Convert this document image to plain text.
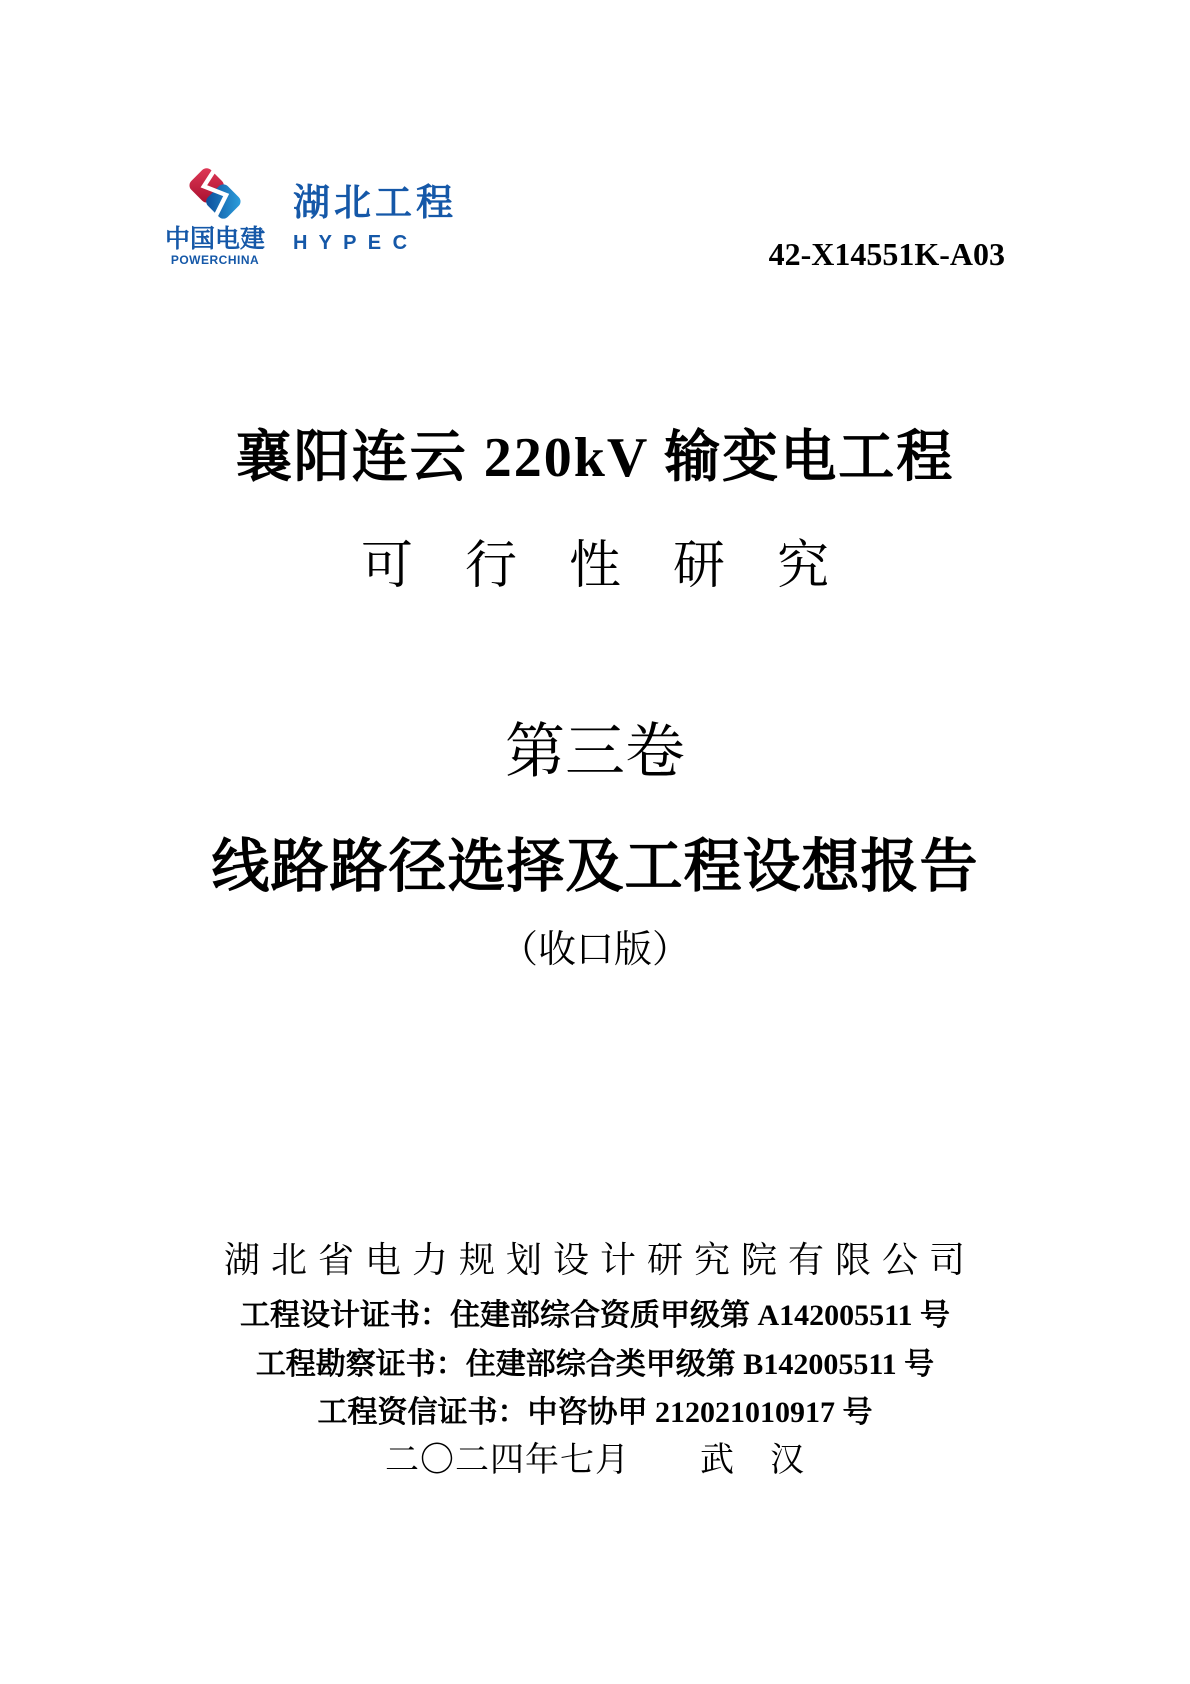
中国电建
POWERCHINA
湖北工程
H Y P E C	42-X14551K-A03
襄阳连云 220kV 输变电工程
可　行　性　研　究
第三卷
线路路径选择及工程设想报告
（收口版）
湖 北 省 电 力 规 划 设 计 研 究 院 有 限 公 司
工程设计证书：住建部综合资质甲级第 A142005511 号
工程勘察证书：住建部综合类甲级第 B142005511 号
工程资信证书：中咨协甲 212021010917 号
二〇二四年七月　　武　汉
